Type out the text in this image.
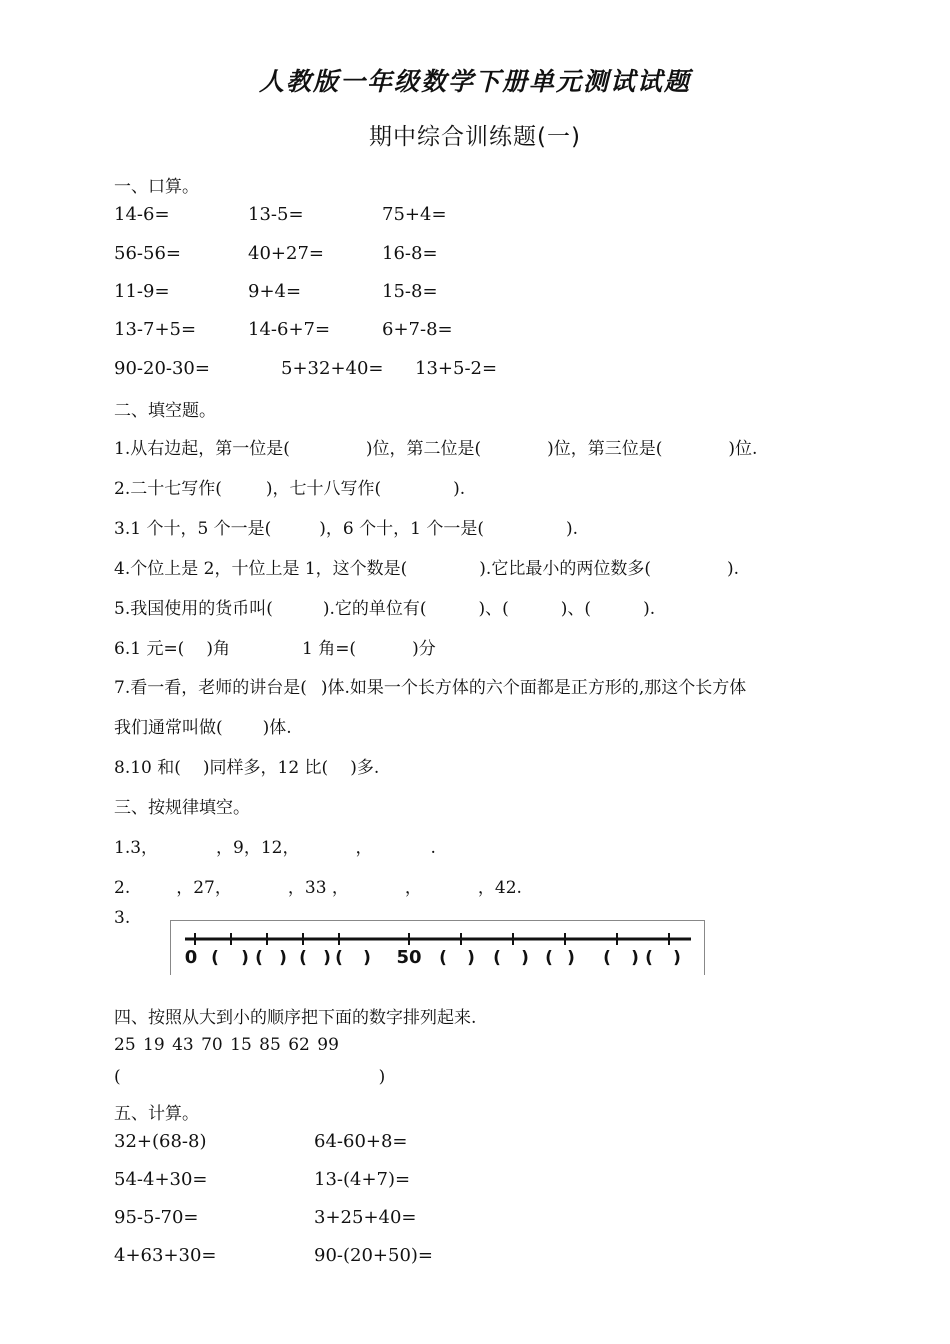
人教版一年级数学下册单元测试试题
期中综合训练题(一)
一、口算。
14-6=	13-5=	75+4=
56-56=	40+27=	16-8=
11-9=	9+4=	15-8=
13-7+5=	14-6+7=	6+7-8=
90-20-30=	5+32+40= 13+5-2=
二、填空题。
1.从右边起，第一位是(	)位，第二位是(	)位，第三位是(	)位.
2.二十七写作(	)，七十八写作(	).
3.1 个十，5 个一是(	)，6 个十，1 个一是(	).
4.个位上是 2，十位上是 1，这个数是(	).它比最小的两位数多(	).
5.我国使用的货币叫(	).它的单位有(	)、(	)、(	).
6.1 元=( )角	1 角=(	)分
7.看一看，老师的讲台是( )体.如果一个长方体的六个面都是正方形的,那这个长方体
我们通常叫做( )体.
8.10 和( )同样多，12 比( )多.
三、按规律填空。
1.3，	，9，12，	，	.
2.	，27，	，33 ，	，	，42.
3.
0 ( ) ( ) ( ) ( ) 50 ( ) ( ) ( ) ( ) ( )
四、按照从大到小的顺序把下面的数字排列起来.
25 19 43 70 15 85 62 99
(	)
五、计算。
32+(68-8)	64-60+8=
54-4+30=	13-(4+7)=
95-5-70=	3+25+40=
4+63+30=	90-(20+50)=
